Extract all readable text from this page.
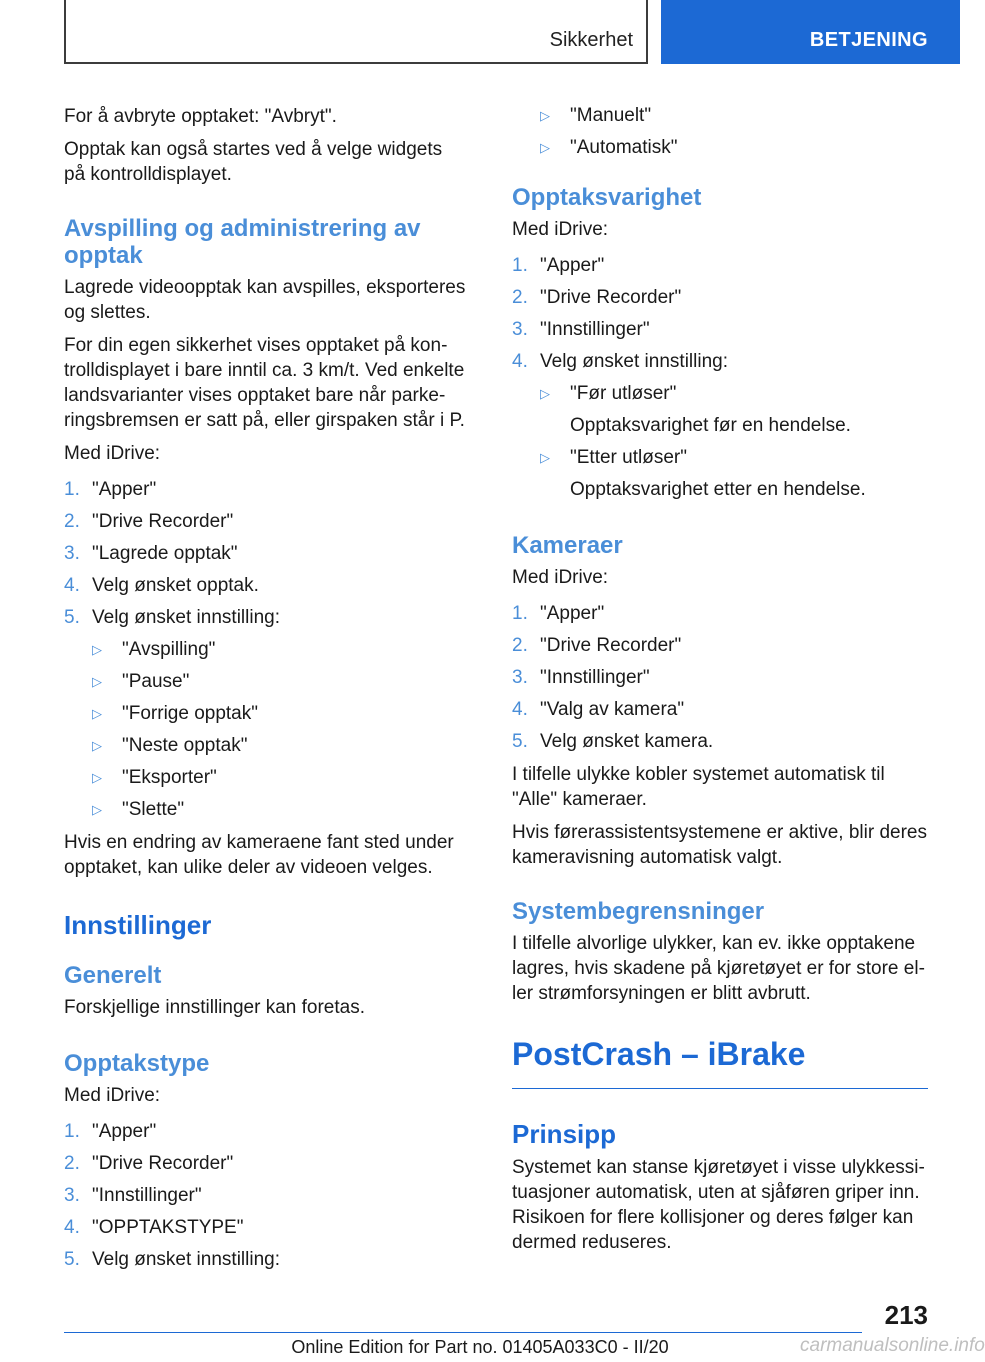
Sikkerhet	BETJENING

For å avbryte opptaket: "Avbryt".

Opptak kan også startes ved å velge widgets på kontrolldisplayet.

Avspilling og administrering av opptak

Lagrede videoopptak kan avspilles, eksporteres og slettes.

For din egen sikkerhet vises opptaket på kontrolldisplayet i bare inntil ca. 3 km/t. Ved enkelte landsvarianter vises opptaket bare når parkeringsbremsen er satt på, eller girspaken står i P.

Med iDrive:

1. "Apper"
2. "Drive Recorder"
3. "Lagrede opptak"
4. Velg ønsket opptak.
5. Velg ønsket innstilling:
▷ "Avspilling"
▷ "Pause"
▷ "Forrige opptak"
▷ "Neste opptak"
▷ "Eksporter"
▷ "Slette"

Hvis en endring av kameraene fant sted under opptaket, kan ulike deler av videoen velges.

Innstillinger
Generelt

Forskjellige innstillinger kan foretas.

Opptakstype

Med iDrive:

1. "Apper"
2. "Drive Recorder"
3. "Innstillinger"
4. "OPPTAKSTYPE"
5. Velg ønsket innstilling:
▷ "Manuelt"
▷ "Automatisk"
Opptaksvarighet

Med iDrive:

1. "Apper"
2. "Drive Recorder"
3. "Innstillinger"
4. Velg ønsket innstilling:
▷ "Før utløser"
Opptaksvarighet før en hendelse.
▷ "Etter utløser"
Opptaksvarighet etter en hendelse.
Kameraer

Med iDrive:

1. "Apper"
2. "Drive Recorder"
3. "Innstillinger"
4. "Valg av kamera"
5. Velg ønsket kamera.

I tilfelle ulykke kobler systemet automatisk til "Alle" kameraer.

Hvis førerassistentsystemene er aktive, blir deres kameravisning automatisk valgt.

Systembegrensninger

I tilfelle alvorlige ulykker, kan ev. ikke opptakene lagres, hvis skadene på kjøretøyet er for store eller strømforsyningen er blitt avbrutt.

PostCrash – iBrake
Prinsipp

Systemet kan stanse kjøretøyet i visse ulykkessituasjoner automatisk, uten at sjåføren griper inn. Risikoen for flere kollisjoner og deres følger kan dermed reduseres.

213
Online Edition for Part no. 01405A033C0 - II/20	carmanualsonline.info
